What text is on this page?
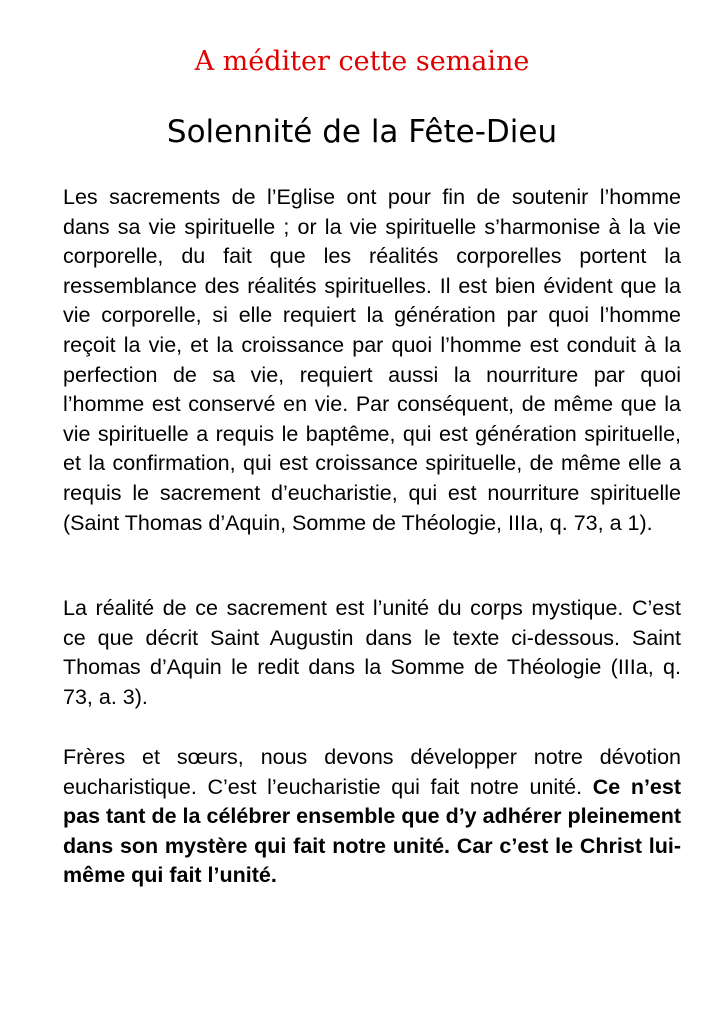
A méditer cette semaine
Solennité de la Fête-Dieu

Les sacrements de l’Eglise ont pour fin de soutenir l’homme dans sa vie spirituelle ; or la vie spirituelle s’harmonise à la vie corporelle, du fait que les réalités corporelles portent la ressemblance des réalités spirituelles. Il est bien évident que la vie corporelle, si elle requiert la génération par quoi l’homme reçoit la vie, et la croissance par quoi l’homme est conduit à la perfection de sa vie, requiert aussi la nourriture par quoi l’homme est conservé en vie. Par conséquent, de même que la vie spirituelle a requis le baptême, qui est génération spirituelle, et la confirmation, qui est croissance spirituelle, de même elle a requis le sacrement d’eucharistie, qui est nourriture spirituelle (Saint Thomas d’Aquin, Somme de Théologie, IIIa, q. 73, a 1).

La réalité de ce sacrement est l’unité du corps mystique. C’est ce que décrit Saint Augustin dans le texte ci-dessous. Saint Thomas d’Aquin le redit dans la Somme de Théologie (IIIa, q. 73, a. 3).

Frères et sœurs, nous devons développer notre dévotion eucharistique. C’est l’eucharistie qui fait notre unité. Ce n’est pas tant de la célébrer ensemble que d’y adhérer pleinement dans son mystère qui fait notre unité. Car c’est le Christ lui-même qui fait l’unité.
